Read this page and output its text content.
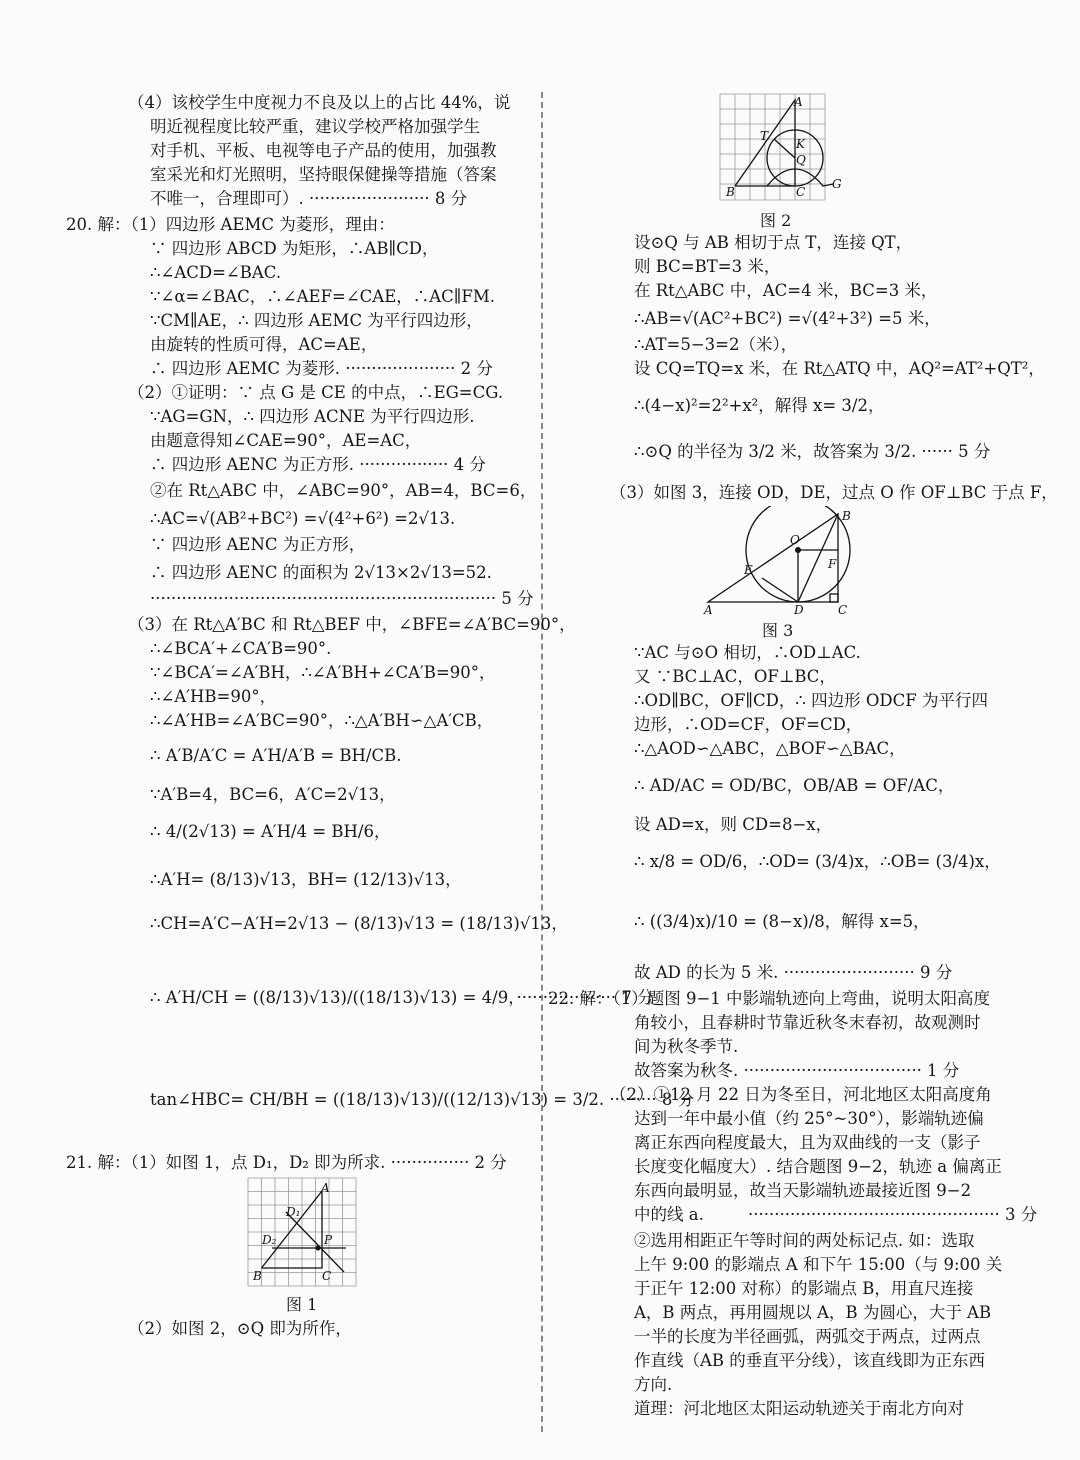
（4）该校学生中度视力不良及以上的占比 44%，说
明近视程度比较严重，建议学校严格加强学生
对手机、平板、电视等电子产品的使用，加强教
室采光和灯光照明，坚持眼保健操等措施（答案
不唯一，合理即可）. ······················· 8 分
20. 解：（1）四边形 AEMC 为菱形，理由：
∵ 四边形 ABCD 为矩形，∴AB∥CD，
∴∠ACD=∠BAC.
∵∠α=∠BAC，∴∠AEF=∠CAE，∴AC∥FM.
∵CM∥AE，∴ 四边形 AEMC 为平行四边形，
由旋转的性质可得，AC=AE，
∴ 四边形 AEMC 为菱形. ····················· 2 分
（2）①证明：∵ 点 G 是 CE 的中点，∴EG=CG.
∵AG=GN，∴ 四边形 ACNE 为平行四边形.
由题意得知∠CAE=90°，AE=AC，
∴ 四边形 AENC 为正方形. ················· 4 分
②在 Rt△ABC 中，∠ABC=90°，AB=4，BC=6，
∴AC=√(AB²+BC²) =√(4²+6²) =2√13.
∵ 四边形 AENC 为正方形，
∴ 四边形 AENC 的面积为 2√13×2√13=52.
·································································· 5 分
（3）在 Rt△A′BC 和 Rt△BEF 中，∠BFE=∠A′BC=90°，
∴∠BCA′+∠CA′B=90°.
∵∠BCA′=∠A′BH，∴∠A′BH+∠CA′B=90°，
∴∠A′HB=90°，
∴∠A′HB=∠A′BC=90°，∴△A′BH∽△A′CB，
∴ A′B/A′C = A′H/A′B = BH/CB.
∵A′B=4，BC=6，A′C=2√13，
∴ 4/(2√13) = A′H/4 = BH/6，
∴A′H= (8/13)√13，BH= (12/13)√13，
∴CH=A′C−A′H=2√13 − (8/13)√13 = (18/13)√13，
∴ A′H/CH = ((8/13)√13)/((18/13)√13) = 4/9，··················· 7 分
tan∠HBC= CH/BH = ((18/13)√13)/((12/13)√13) = 3/2. ········· 8 分
21. 解：（1）如图 1，点 D₁，D₂ 即为所求. ··············· 2 分
A
D₁
D₂	P
B	C
图 1
（2）如图 2，⊙Q 即为所作，
A
T
K
Q
B	C
G
图 2
设⊙Q 与 AB 相切于点 T，连接 QT，
则 BC=BT=3 米，
在 Rt△ABC 中，AC=4 米，BC=3 米，
∴AB=√(AC²+BC²) =√(4²+3²) =5 米，
∴AT=5−3=2（米），
设 CQ=TQ=x 米，在 Rt△ATQ 中，AQ²=AT²+QT²，
∴(4−x)²=2²+x²，解得 x= 3/2，
∴⊙Q 的半径为 3/2 米，故答案为 3/2. ······ 5 分
（3）如图 3，连接 OD，DE，过点 O 作 OF⊥BC 于点 F，
O
B
E	F
A	D	C
图 3
∵AC 与⊙O 相切，∴OD⊥AC.
又 ∵BC⊥AC，OF⊥BC，
∴OD∥BC，OF∥CD，∴ 四边形 ODCF 为平行四
边形，∴OD=CF，OF=CD，
∴△AOD∽△ABC，△BOF∽△BAC，
∴ AD/AC = OD/BC，OB/AB = OF/AC，
设 AD=x，则 CD=8−x，
∴ x/8 = OD/6，∴OD= (3/4)x，∴OB= (3/4)x，
∴ ((3/4)x)/10 = (8−x)/8，解得 x=5，
故 AD 的长为 5 米. ························· 9 分
22. 解：（1）题图 9−1 中影端轨迹向上弯曲，说明太阳高度
角较小，且春耕时节靠近秋冬末春初，故观测时
间为秋冬季节.
故答案为秋冬. ·································· 1 分
（2）①12 月 22 日为冬至日，河北地区太阳高度角
达到一年中最小值（约 25°~30°），影端轨迹偏
离正东西向程度最大，且为双曲线的一支（影子
长度变化幅度大）. 结合题图 9−2，轨迹 a 偏离正
东西向最明显，故当天影端轨迹最接近图 9−2
中的线 a.	················································ 3 分
②选用相距正午等时间的两处标记点. 如：选取
上午 9:00 的影端点 A 和下午 15:00（与 9:00 关
于正午 12:00 对称）的影端点 B，用直尺连接
A，B 两点，再用圆规以 A，B 为圆心，大于 AB
一半的长度为半径画弧，两弧交于两点，过两点
作直线（AB 的垂直平分线），该直线即为正东西
方向.
道理：河北地区太阳运动轨迹关于南北方向对
